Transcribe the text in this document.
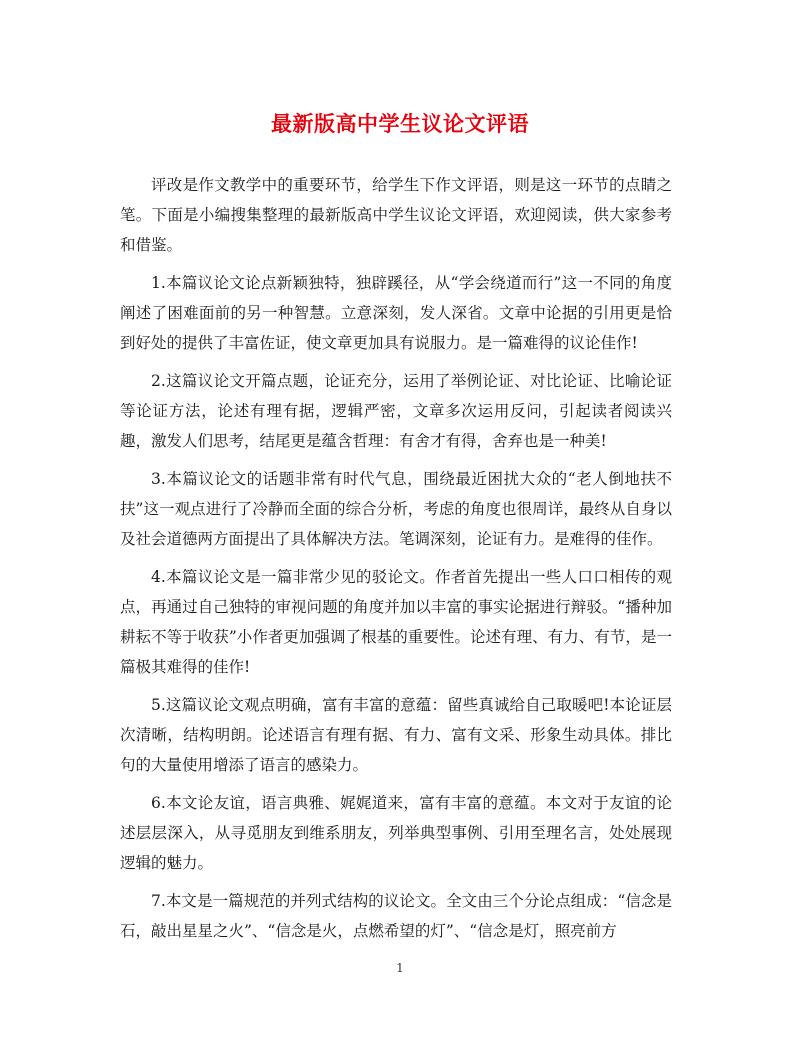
最新版高中学生议论文评语

评改是作文教学中的重要环节，给学生下作文评语，则是这一环节的点睛之笔。下面是小编搜集整理的最新版高中学生议论文评语，欢迎阅读，供大家参考和借鉴。

1.本篇议论文论点新颖独特，独辟蹊径，从“学会绕道而行”这一不同的角度阐述了困难面前的另一种智慧。立意深刻，发人深省。文章中论据的引用更是恰到好处的提供了丰富佐证，使文章更加具有说服力。是一篇难得的议论佳作!

2.这篇议论文开篇点题，论证充分，运用了举例论证、对比论证、比喻论证等论证方法，论述有理有据，逻辑严密，文章多次运用反问，引起读者阅读兴趣，激发人们思考，结尾更是蕴含哲理：有舍才有得，舍弃也是一种美!

3.本篇议论文的话题非常有时代气息，围绕最近困扰大众的“老人倒地扶不扶”这一观点进行了冷静而全面的综合分析，考虑的角度也很周详，最终从自身以及社会道德两方面提出了具体解决方法。笔调深刻，论证有力。是难得的佳作。

4.本篇议论文是一篇非常少见的驳论文。作者首先提出一些人口口相传的观点，再通过自己独特的审视问题的角度并加以丰富的事实论据进行辩驳。“播种加耕耘不等于收获”小作者更加强调了根基的重要性。论述有理、有力、有节，是一篇极其难得的佳作!

5.这篇议论文观点明确，富有丰富的意蕴：留些真诚给自己取暖吧!本论证层次清晰，结构明朗。论述语言有理有据、有力、富有文采、形象生动具体。排比句的大量使用增添了语言的感染力。

6.本文论友谊，语言典雅、娓娓道来，富有丰富的意蕴。本文对于友谊的论述层层深入，从寻觅朋友到维系朋友，列举典型事例、引用至理名言，处处展现逻辑的魅力。

7.本文是一篇规范的并列式结构的议论文。全文由三个分论点组成：“信念是石，敲出星星之火”、“信念是火，点燃希望的灯”、“信念是灯，照亮前方

1
